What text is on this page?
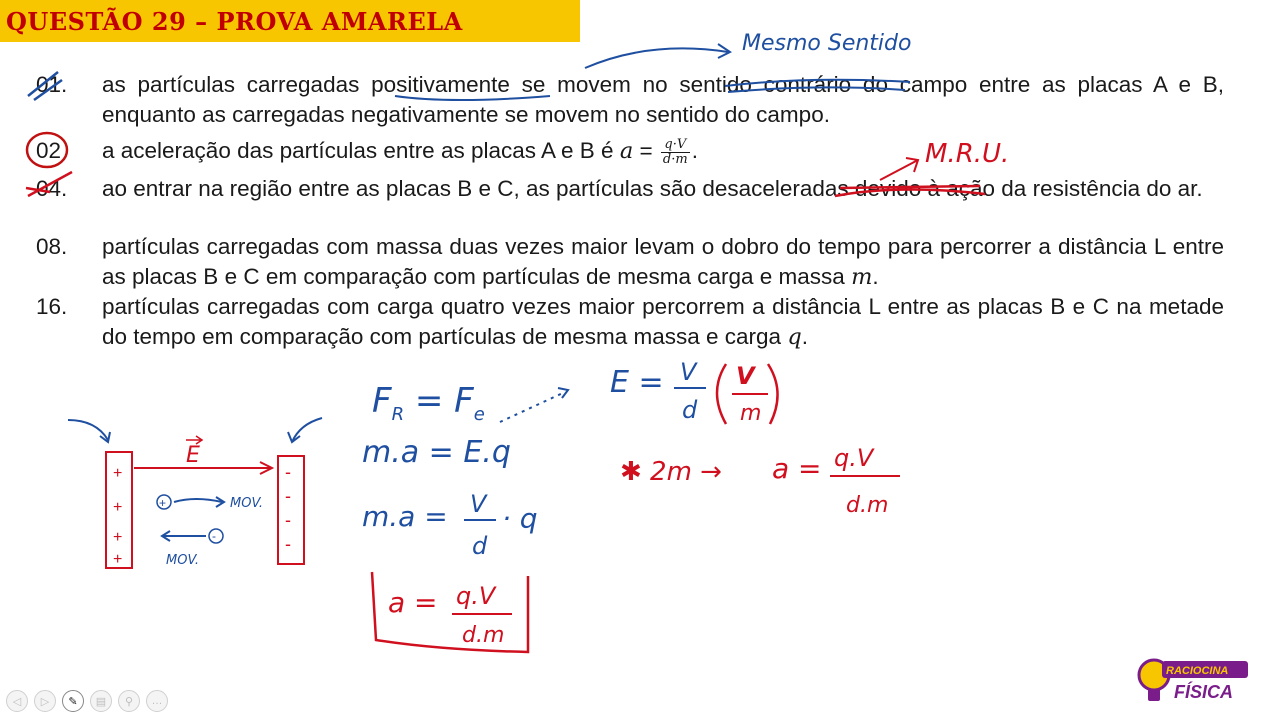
QUESTÃO 29 – PROVA AMARELA
01. as partículas carregadas positivamente se movem no sentido contrário do campo entre as placas A e B, enquanto as carregadas negativamente se movem no sentido do campo.
02 a aceleração das partículas entre as placas A e B é $a = \frac{q\cdot V}{d\cdot m}$ .
04. ao entrar na região entre as placas B e C, as partículas são desaceleradas devido à ação da resistência do ar.
08. partículas carregadas com massa duas vezes maior levam o dobro do tempo para percorrer a distância L entre as placas B e C em comparação com partículas de mesma carga e massa m.
16. partículas carregadas com carga quatro vezes maior percorrem a distância L entre as placas B e C na metade do tempo em comparação com partículas de mesma massa e carga q.
Mesmo Sentido
M.R.U.
+
+
+
+
-
-
-
-
E
+	MOV.
-
MOV.
$F_R = F_e$
m.a = E.q
m.a = V
d
· q
a = q.V
d.m
E = V
d
V
m
✱ 2m → a = q.V
d.m
◁ ▷ ✎ ▤ ⚲ …
RACIOCINA
FÍSICA
